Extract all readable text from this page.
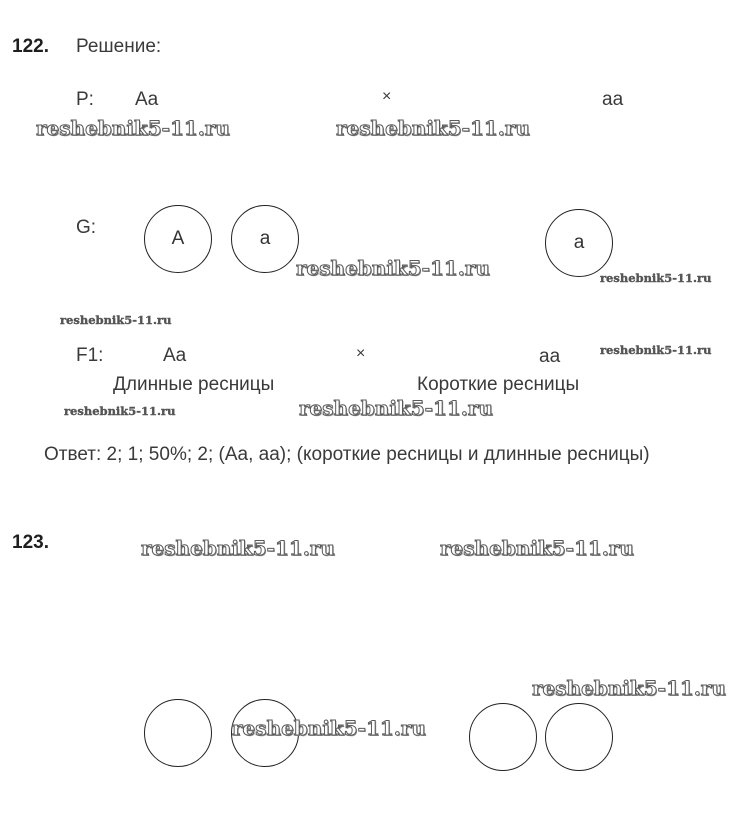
122. Решение:
P: Aa	×	aa
G:
A	a	a
F1:	Aa	×	aa
Длинные ресницы	Короткие ресницы
Ответ: 2; 1; 50%; 2; (Aa, aa); (короткие ресницы и длинные ресницы)
123.
reshebnik5-11.ru	reshebnik5-11.ru
reshebnik5-11.ru	reshebnik5-11.ru
reshebnik5-11.ru
reshebnik5-11.ru
reshebnik5-11.ru	reshebnik5-11.ru
reshebnik5-11.ru	reshebnik5-11.ru
reshebnik5-11.ru
reshebnik5-11.ru
